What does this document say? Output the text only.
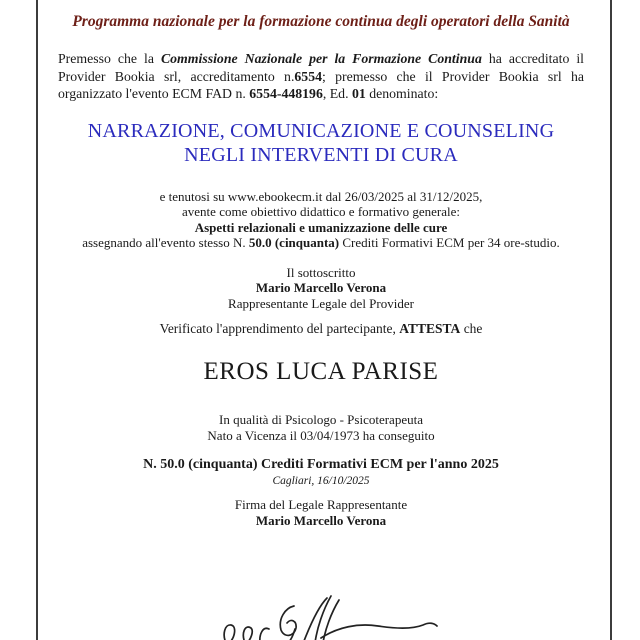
Programma nazionale per la formazione continua degli operatori della Sanità

Premesso che la Commissione Nazionale per la Formazione Continua ha accreditato il Provider Bookia srl, accreditamento n.6554; premesso che il Provider Bookia srl ha organizzato l'evento ECM FAD n. 6554-448196, Ed. 01 denominato:

NARRAZIONE, COMUNICAZIONE E COUNSELING
NEGLI INTERVENTI DI CURA
e tenutosi su www.ebookecm.it dal 26/03/2025 al 31/12/2025,
avente come obiettivo didattico e formativo generale:
Aspetti relazionali e umanizzazione delle cure
assegnando all'evento stesso N. 50.0 (cinquanta) Crediti Formativi ECM per 34 ore-studio.
Il sottoscritto
Mario Marcello Verona
Rappresentante Legale del Provider
Verificato l'apprendimento del partecipante, ATTESTA che
EROS LUCA PARISE
In qualità di Psicologo - Psicoterapeuta
Nato a Vicenza il 03/04/1973 ha conseguito
N. 50.0 (cinquanta) Crediti Formativi ECM per l'anno 2025
Cagliari, 16/10/2025
Firma del Legale Rappresentante
Mario Marcello Verona
